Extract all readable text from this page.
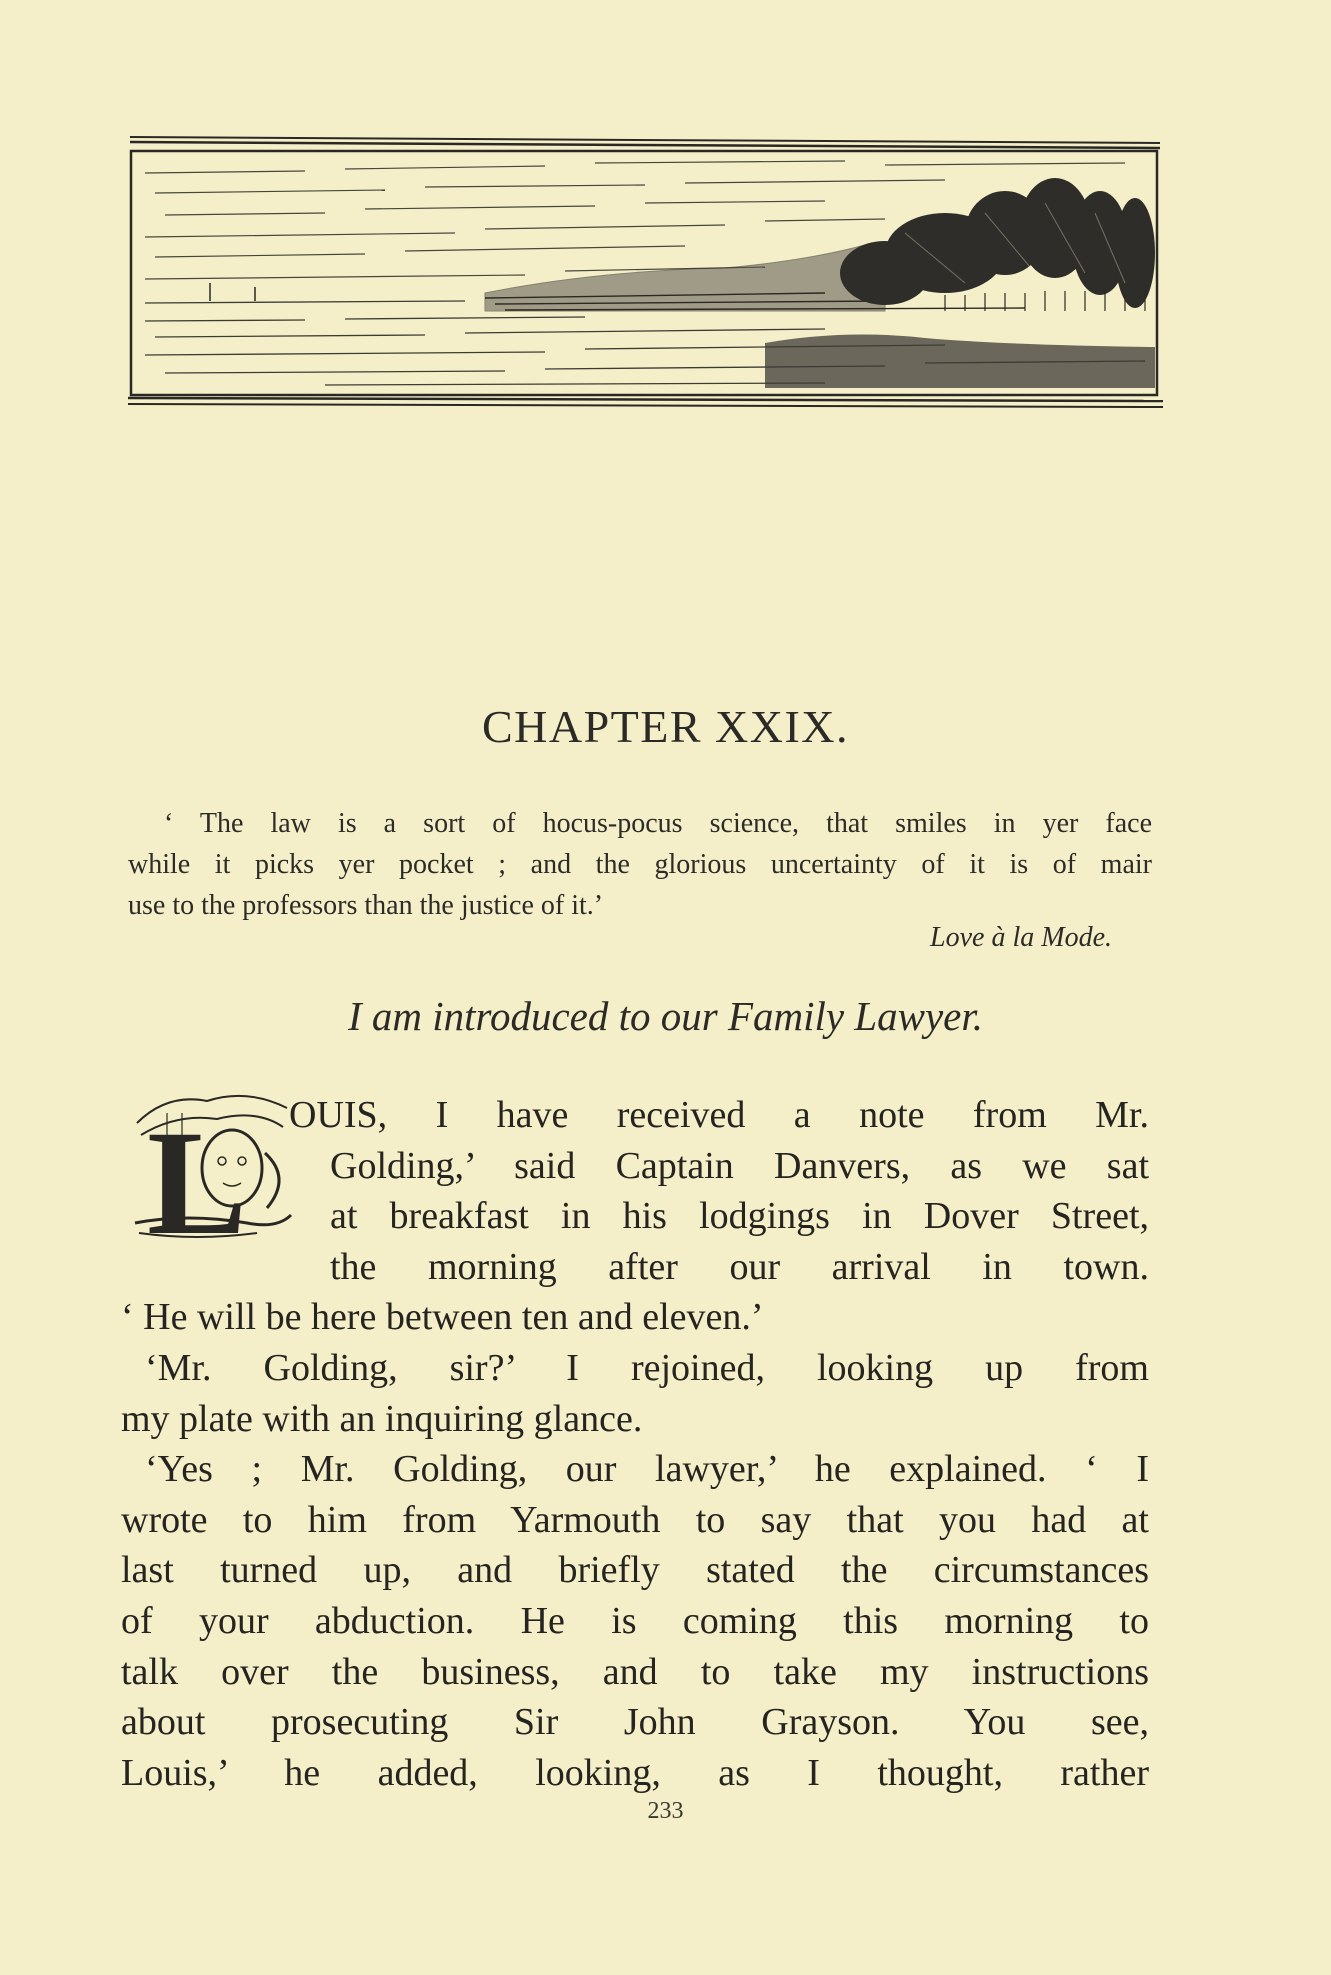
CHAPTER XXIX.
‘ The law is a sort of hocus-pocus science, that smiles in yer face
while it picks yer pocket ; and the glorious uncertainty of it is of mair
use to the professors than the justice of it.’
Love à la Mode.
I am introduced to our Family Lawyer.
L OUIS, I have received a note from Mr.
Golding,’ said Captain Danvers, as we sat
at breakfast in his lodgings in Dover Street,
the morning after our arrival in town.
‘ He will be here between ten and eleven.’
‘Mr. Golding, sir?’ I rejoined, looking up from
my plate with an inquiring glance.
‘Yes ; Mr. Golding, our lawyer,’ he explained. ‘ I
wrote to him from Yarmouth to say that you had at
last turned up, and briefly stated the circumstances
of your abduction. He is coming this morning to
talk over the business, and to take my instructions
about prosecuting Sir John Grayson. You see,
Louis,’ he added, looking, as I thought, rather
233
